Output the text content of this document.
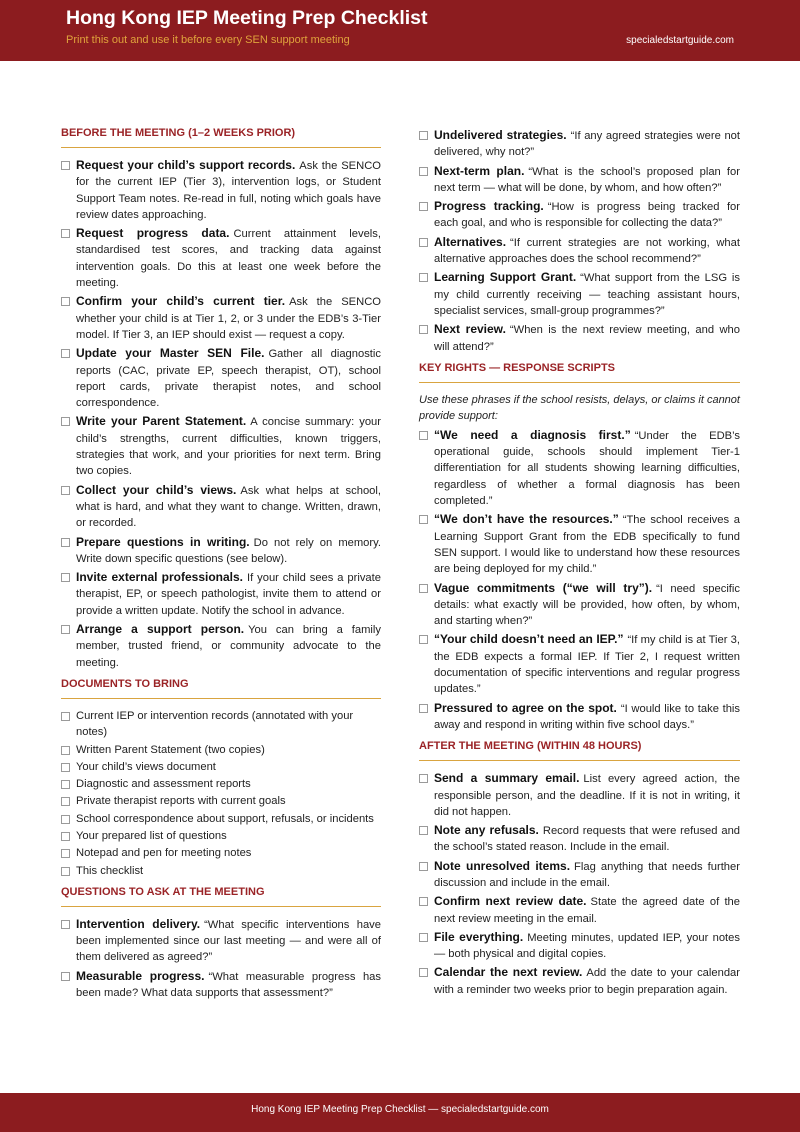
Hong Kong IEP Meeting Prep Checklist
Print this out and use it before every SEN support meeting	specialedstartguide.com
BEFORE THE MEETING (1–2 WEEKS PRIOR)
Request your child’s support records. Ask the SENCO for the current IEP (Tier 3), intervention logs, or Student Support Team notes. Re-read in full, noting which goals have review dates approaching.
Request progress data. Current attainment levels, standardised test scores, and tracking data against intervention goals. Do this at least one week before the meeting.
Confirm your child’s current tier. Ask the SENCO whether your child is at Tier 1, 2, or 3 under the EDB’s 3-Tier model. If Tier 3, an IEP should exist — request a copy.
Update your Master SEN File. Gather all diagnostic reports (CAC, private EP, speech therapist, OT), school report cards, private therapist notes, and school correspondence.
Write your Parent Statement. A concise summary: your child’s strengths, current difficulties, known triggers, strategies that work, and your priorities for next term. Bring two copies.
Collect your child’s views. Ask what helps at school, what is hard, and what they want to change. Written, drawn, or recorded.
Prepare questions in writing. Do not rely on memory. Write down specific questions (see below).
Invite external professionals. If your child sees a private therapist, EP, or speech pathologist, invite them to attend or provide a written update. Notify the school in advance.
Arrange a support person. You can bring a family member, trusted friend, or community advocate to the meeting.
DOCUMENTS TO BRING
Current IEP or intervention records (annotated with your notes)
Written Parent Statement (two copies)
Your child’s views document
Diagnostic and assessment reports
Private therapist reports with current goals
School correspondence about support, refusals, or incidents
Your prepared list of questions
Notepad and pen for meeting notes
This checklist
QUESTIONS TO ASK AT THE MEETING
Intervention delivery. “What specific interventions have been implemented since our last meeting — and were all of them delivered as agreed?”
Measurable progress. “What measurable progress has been made? What data supports that assessment?”
Undelivered strategies. “If any agreed strategies were not delivered, why not?”
Next-term plan. “What is the school’s proposed plan for next term — what will be done, by whom, and how often?”
Progress tracking. “How is progress being tracked for each goal, and who is responsible for collecting the data?”
Alternatives. “If current strategies are not working, what alternative approaches does the school recommend?”
Learning Support Grant. “What support from the LSG is my child currently receiving — teaching assistant hours, specialist services, small-group programmes?”
Next review. “When is the next review meeting, and who will attend?”
KEY RIGHTS — RESPONSE SCRIPTS
Use these phrases if the school resists, delays, or claims it cannot provide support:
“We need a diagnosis first.” “Under the EDB’s operational guide, schools should implement Tier-1 differentiation for all students showing learning difficulties, regardless of whether a formal diagnosis has been completed.”
“We don’t have the resources.” “The school receives a Learning Support Grant from the EDB specifically to fund SEN support. I would like to understand how these resources are being deployed for my child.”
Vague commitments (“we will try”). “I need specific details: what exactly will be provided, how often, by whom, and starting when?”
“Your child doesn’t need an IEP.” “If my child is at Tier 3, the EDB expects a formal IEP. If Tier 2, I request written documentation of specific interventions and regular progress updates.”
Pressured to agree on the spot. “I would like to take this away and respond in writing within five school days.”
AFTER THE MEETING (WITHIN 48 HOURS)
Send a summary email. List every agreed action, the responsible person, and the deadline. If it is not in writing, it did not happen.
Note any refusals. Record requests that were refused and the school’s stated reason. Include in the email.
Note unresolved items. Flag anything that needs further discussion and include in the email.
Confirm next review date. State the agreed date of the next review meeting in the email.
File everything. Meeting minutes, updated IEP, your notes — both physical and digital copies.
Calendar the next review. Add the date to your calendar with a reminder two weeks prior to begin preparation again.
Hong Kong IEP Meeting Prep Checklist — specialedstartguide.com
